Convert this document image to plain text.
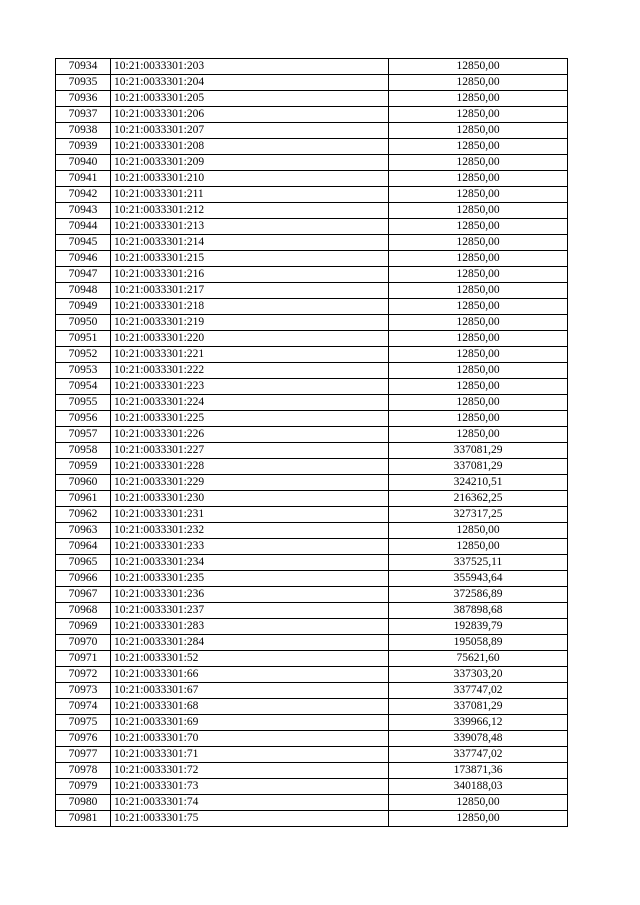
70934	10:21:0033301:203	12850,00
70935	10:21:0033301:204	12850,00
70936	10:21:0033301:205	12850,00
70937	10:21:0033301:206	12850,00
70938	10:21:0033301:207	12850,00
70939	10:21:0033301:208	12850,00
70940	10:21:0033301:209	12850,00
70941	10:21:0033301:210	12850,00
70942	10:21:0033301:211	12850,00
70943	10:21:0033301:212	12850,00
70944	10:21:0033301:213	12850,00
70945	10:21:0033301:214	12850,00
70946	10:21:0033301:215	12850,00
70947	10:21:0033301:216	12850,00
70948	10:21:0033301:217	12850,00
70949	10:21:0033301:218	12850,00
70950	10:21:0033301:219	12850,00
70951	10:21:0033301:220	12850,00
70952	10:21:0033301:221	12850,00
70953	10:21:0033301:222	12850,00
70954	10:21:0033301:223	12850,00
70955	10:21:0033301:224	12850,00
70956	10:21:0033301:225	12850,00
70957	10:21:0033301:226	12850,00
70958	10:21:0033301:227	337081,29
70959	10:21:0033301:228	337081,29
70960	10:21:0033301:229	324210,51
70961	10:21:0033301:230	216362,25
70962	10:21:0033301:231	327317,25
70963	10:21:0033301:232	12850,00
70964	10:21:0033301:233	12850,00
70965	10:21:0033301:234	337525,11
70966	10:21:0033301:235	355943,64
70967	10:21:0033301:236	372586,89
70968	10:21:0033301:237	387898,68
70969	10:21:0033301:283	192839,79
70970	10:21:0033301:284	195058,89
70971	10:21:0033301:52	75621,60
70972	10:21:0033301:66	337303,20
70973	10:21:0033301:67	337747,02
70974	10:21:0033301:68	337081,29
70975	10:21:0033301:69	339966,12
70976	10:21:0033301:70	339078,48
70977	10:21:0033301:71	337747,02
70978	10:21:0033301:72	173871,36
70979	10:21:0033301:73	340188,03
70980	10:21:0033301:74	12850,00
70981	10:21:0033301:75	12850,00
